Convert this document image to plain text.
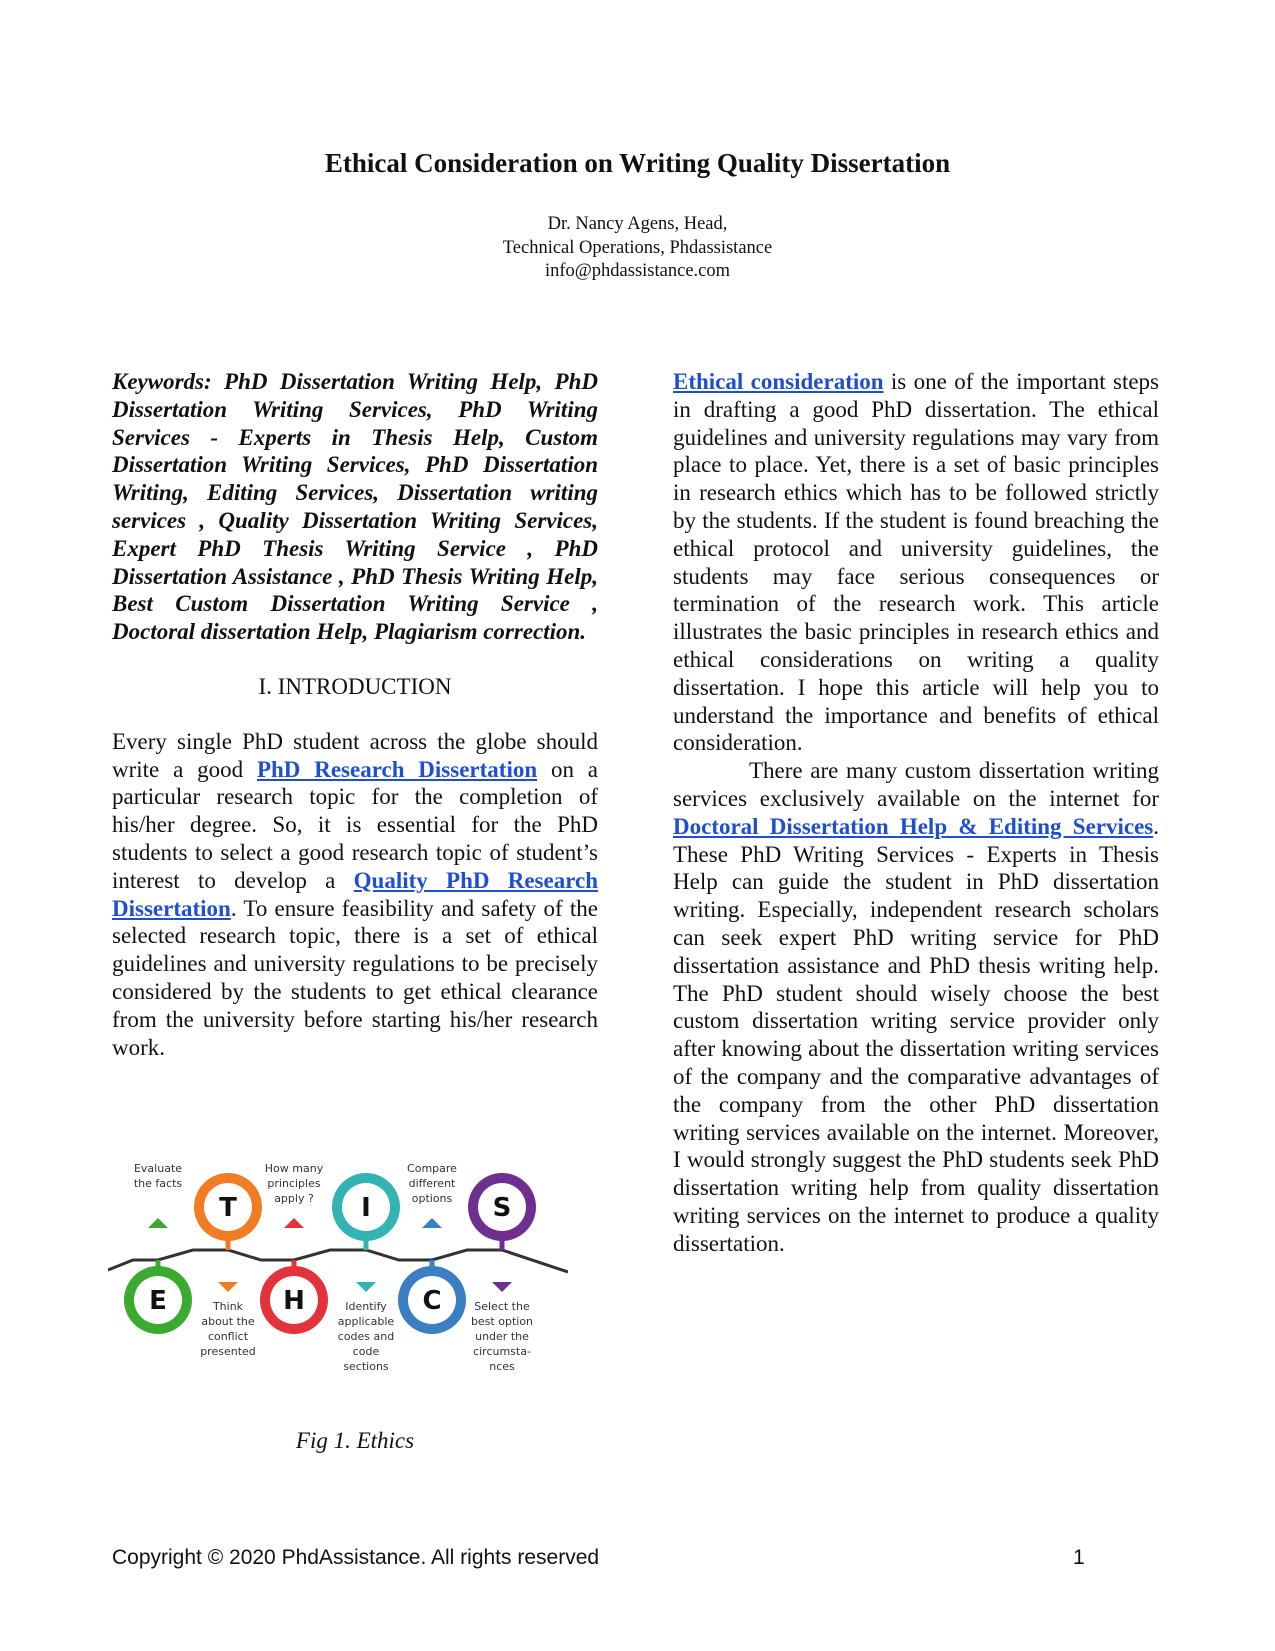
Ethical Consideration on Writing Quality Dissertation
Dr. Nancy Agens, Head,
Technical Operations, Phdassistance
info@phdassistance.com

Keywords: PhD Dissertation Writing Help, PhD Dissertation Writing Services, PhD Writing Services - Experts in Thesis Help, Custom Dissertation Writing Services, PhD Dissertation Writing, Editing Services, Dissertation writing services , Quality Dissertation Writing Services, Expert PhD Thesis Writing Service , PhD Dissertation Assistance , PhD Thesis Writing Help, Best Custom Dissertation Writing Service , Doctoral dissertation Help, Plagiarism correction.

I. INTRODUCTION

Every single PhD student across the globe should write a good PhD Research Dissertation on a particular research topic for the completion of his/her degree. So, it is essential for the PhD students to select a good research topic of student’s interest to develop a Quality PhD Research Dissertation. To ensure feasibility and safety of the selected research topic, there is a set of ethical guidelines and university regulations to be precisely considered by the students to get ethical clearance from the university before starting his/her research work.

E
Evaluate
the facts
T
Think
about the
conflict
presented
H
How many
principles
apply ? I
Identify
applicable
codes and
code
sections
C
Compare
different
options S
Select the
best option
under the
circumsta-
nces
Fig 1. Ethics

Ethical consideration is one of the important steps in drafting a good PhD dissertation. The ethical guidelines and university regulations may vary from place to place. Yet, there is a set of basic principles in research ethics which has to be followed strictly by the students. If the student is found breaching the ethical protocol and university guidelines, the students may face serious consequences or termination of the research work. This article illustrates the basic principles in research ethics and ethical considerations on writing a quality dissertation. I hope this article will help you to understand the importance and benefits of ethical consideration.

There are many custom dissertation writing services exclusively available on the internet for Doctoral Dissertation Help & Editing Services. These PhD Writing Services - Experts in Thesis Help can guide the student in PhD dissertation writing. Especially, independent research scholars can seek expert PhD writing service for PhD dissertation assistance and PhD thesis writing help. The PhD student should wisely choose the best custom dissertation writing service provider only after knowing about the dissertation writing services of the company and the comparative advantages of the company from the other PhD dissertation writing services available on the internet. Moreover, I would strongly suggest the PhD students seek PhD dissertation writing help from quality dissertation writing services on the internet to produce a quality dissertation.

Copyright © 2020 PhdAssistance. All rights reserved	1
